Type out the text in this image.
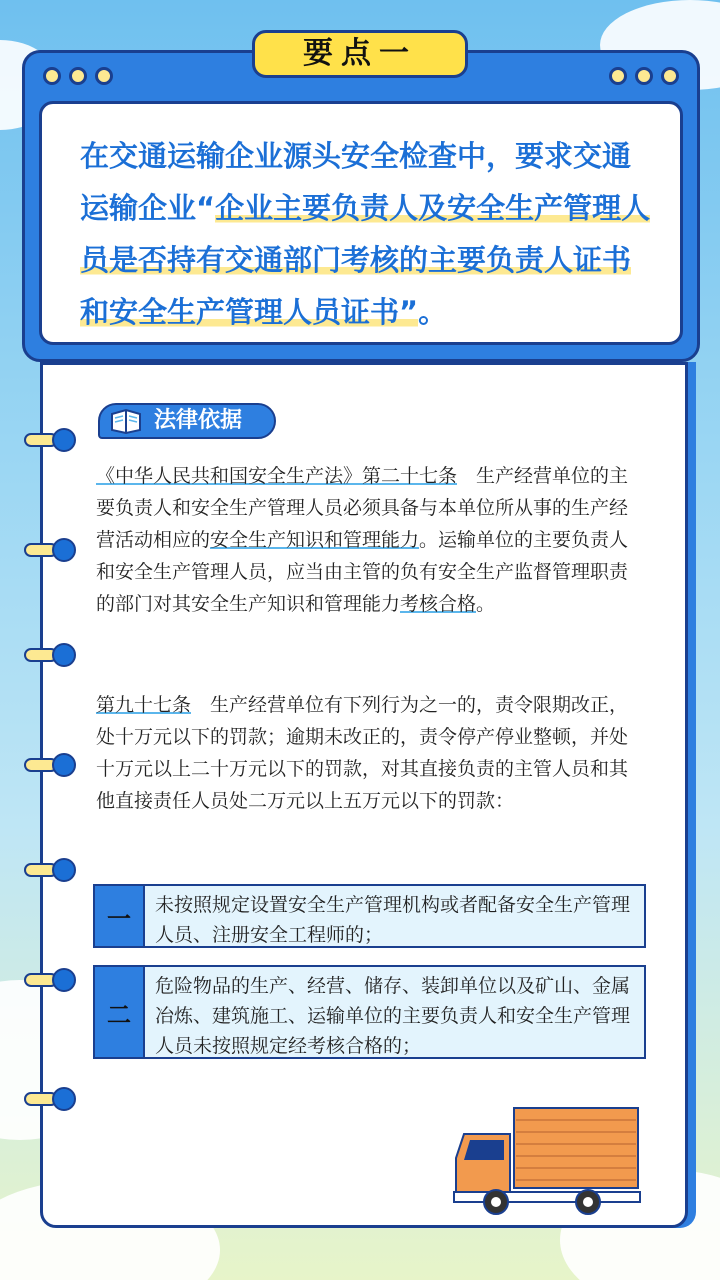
要点一

在交通运输企业源头安全检查中，要求交通运输企业“企业主要负责人及安全生产管理人员是否持有交通部门考核的主要负责人证书和安全生产管理人员证书”。

法律依据

《中华人民共和国安全生产法》第二十七条　生产经营单位的主要负责人和安全生产管理人员必须具备与本单位所从事的生产经营活动相应的安全生产知识和管理能力。运输单位的主要负责人和安全生产管理人员，应当由主管的负有安全生产监督管理职责的部门对其安全生产知识和管理能力考核合格。

第九十七条　生产经营单位有下列行为之一的，责令限期改正，处十万元以下的罚款；逾期未改正的，责令停产停业整顿，并处十万元以上二十万元以下的罚款，对其直接负责的主管人员和其他直接责任人员处二万元以上五万元以下的罚款：

一	未按照规定设置安全生产管理机构或者配备安全生产管理人员、注册安全工程师的；
二
危险物品的生产、经营、储存、装卸单位以及矿山、金属冶炼、建筑施工、运输单位的主要负责人和安全生产管理人员未按照规定经考核合格的；
